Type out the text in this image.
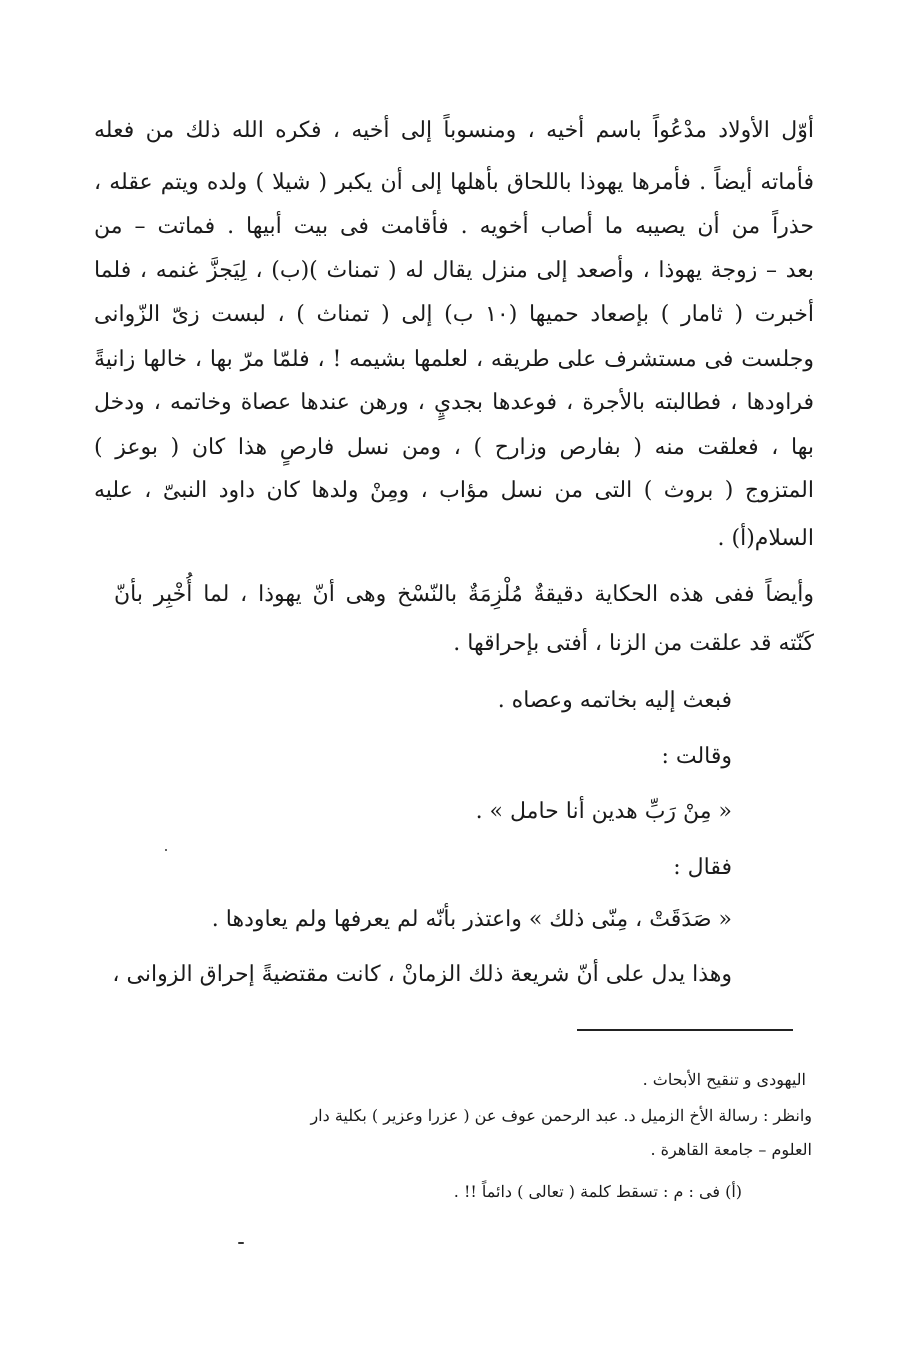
أوّل الأولاد مدْعُواً باسم أخيه ، ومنسوباً إلى أخيه ، فكره الله ذلك من فعله
فأماته أيضاً . فأمرها يهوذا باللحاق بأهلها إلى أن يكبر ( شيلا ) ولده ويتم عقله ،
حذراً من أن يصيبه ما أصاب أخويه . فأقامت فى بيت أبيها . فماتت – من
بعد – زوجة يهوذا ، وأصعد إلى منزل يقال له ( تمناث )(ب) ، لِيَجزَّ غنمه ، فلما
أخبرت ( ثامار ) بإصعاد حميها (١٠ ب) إلى ( تمناث ) ، لبست زىّ الزّوانى
وجلست فى مستشرف على طريقه ، لعلمها بشيمه ! ، فلمّا مرّ بها ، خالها زانيةً
فراودها ، فطالبته بالأجرة ، فوعدها بجديٍ ، ورهن عندها عصاة وخاتمه ، ودخل
بها ، فعلقت منه ( بفارص وزارح ) ، ومن نسل فارصٍ هذا كان ( بوعز )
المتزوج ( بروث ) التى من نسل مؤاب ، ومِنْ ولدها كان داود النبىّ ، عليه
السلام(أ) .
وأيضاً ففى هذه الحكاية دقيقةٌ مُلْزِمَةٌ بالنّسْخ وهى أنّ يهوذا ، لما أُخْبِر بأنّ
كَنّته قد علقت من الزنا ، أفتى بإحراقها .
فبعث إليه بخاتمه وعصاه .
وقالت :
« مِنْ رَبِّ هدين أنا حامل » .
فقال :
« صَدَقَتْ ، مِنّى ذلك » واعتذر بأنّه لم يعرفها ولم يعاودها .
وهذا يدل على أنّ شريعة ذلك الزمانْ ، كانت مقتضيةً إحراق الزوانى ،
اليهودى و تنقيح الأبحاث .
وانظر : رسالة الأخ الزميل د. عبد الرحمن عوف عن ( عزرا وعزير ) بكلية دار
العلوم – جامعة القاهرة .
(أ) فى : م : تسقط كلمة ( تعالى ) دائماً !! .
